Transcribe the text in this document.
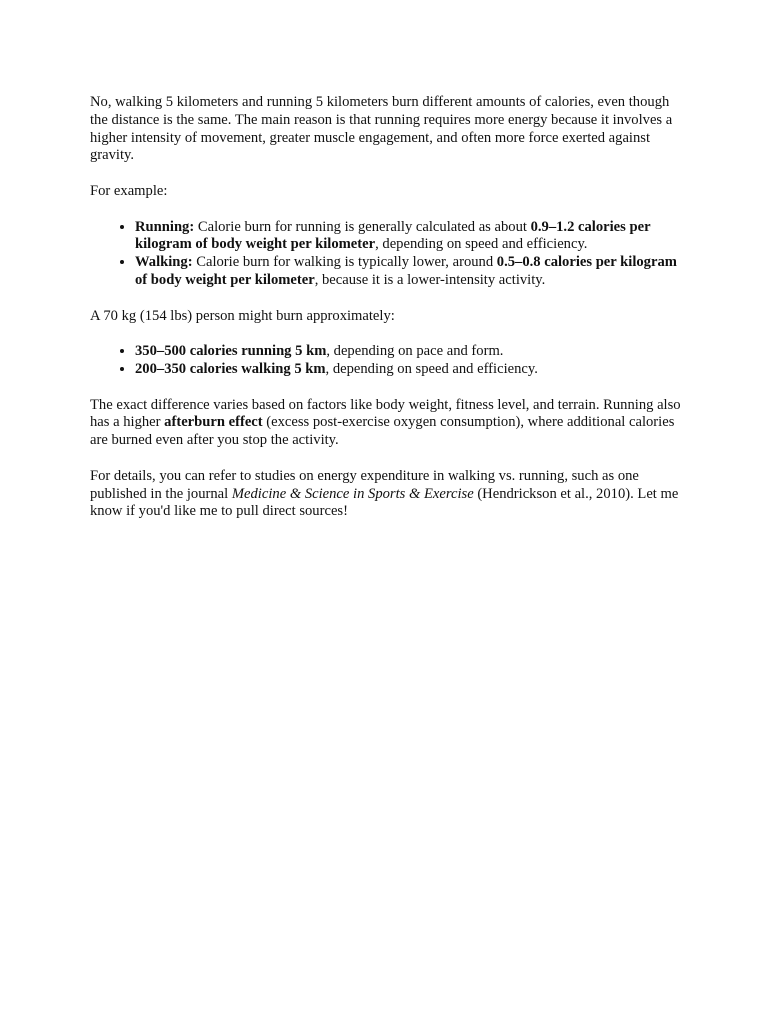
No, walking 5 kilometers and running 5 kilometers burn different amounts of calories, even though the distance is the same. The main reason is that running requires more energy because it involves a higher intensity of movement, greater muscle engagement, and often more force exerted against gravity.

For example:

• Running: Calorie burn for running is generally calculated as about 0.9–1.2 calories per kilogram of body weight per kilometer, depending on speed and efficiency.
• Walking: Calorie burn for walking is typically lower, around 0.5–0.8 calories per kilogram of body weight per kilometer, because it is a lower-intensity activity.

A 70 kg (154 lbs) person might burn approximately:

• 350–500 calories running 5 km, depending on pace and form.
• 200–350 calories walking 5 km, depending on speed and efficiency.

The exact difference varies based on factors like body weight, fitness level, and terrain. Running also has a higher afterburn effect (excess post-exercise oxygen consumption), where additional calories are burned even after you stop the activity.

For details, you can refer to studies on energy expenditure in walking vs. running, such as one published in the journal Medicine & Science in Sports & Exercise (Hendrickson et al., 2010). Let me know if you'd like me to pull direct sources!
